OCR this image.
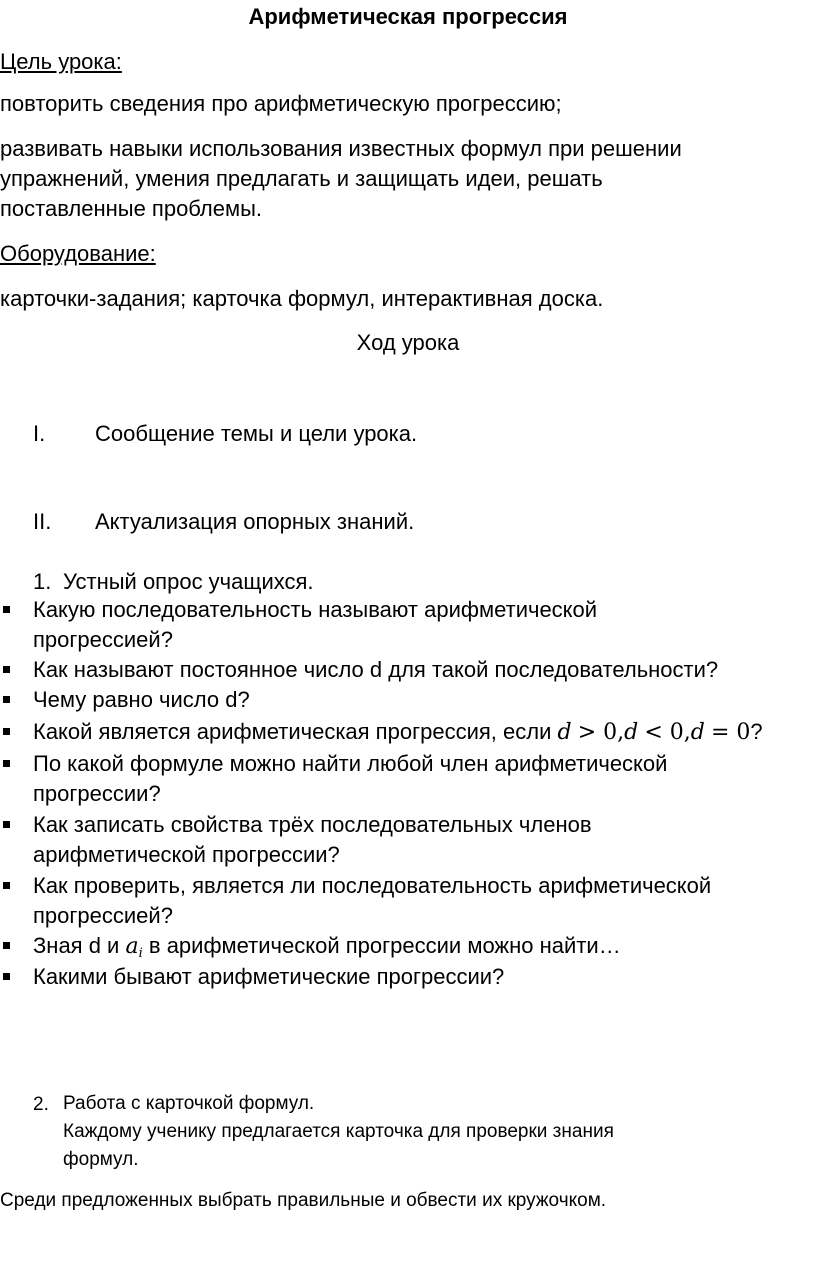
Арифметическая прогрессия

Цель урока:

повторить сведения про арифметическую прогрессию;

развивать навыки использования известных формул при решении

упражнений, умения предлагать и защищать идеи, решать

поставленные проблемы.

Оборудование:

карточки-задания; карточка формул, интерактивная доска.

Ход урока

I. Сообщение темы и цели урока.

II. Актуализация опорных знаний.

1. Устный опрос учащихся.

Какую последовательность называют арифметической

прогрессией?

Как называют постоянное число d для такой последовательности?

Чему равно число d?

Какой является арифметическая прогрессия, если d > 0,d < 0,d = 0?

По какой формуле можно найти любой член арифметической

прогрессии?

Как записать свойства трёх последовательных членов

арифметической прогрессии?

Как проверить, является ли последовательность арифметической

прогрессией?

Зная d и $a_i$ в арифметической прогрессии можно найти…

Какими бывают арифметические прогрессии?

2. Работа с карточкой формул.

Каждому ученику предлагается карточка для проверки знания

формул.

Среди предложенных выбрать правильные и обвести их кружочком.
